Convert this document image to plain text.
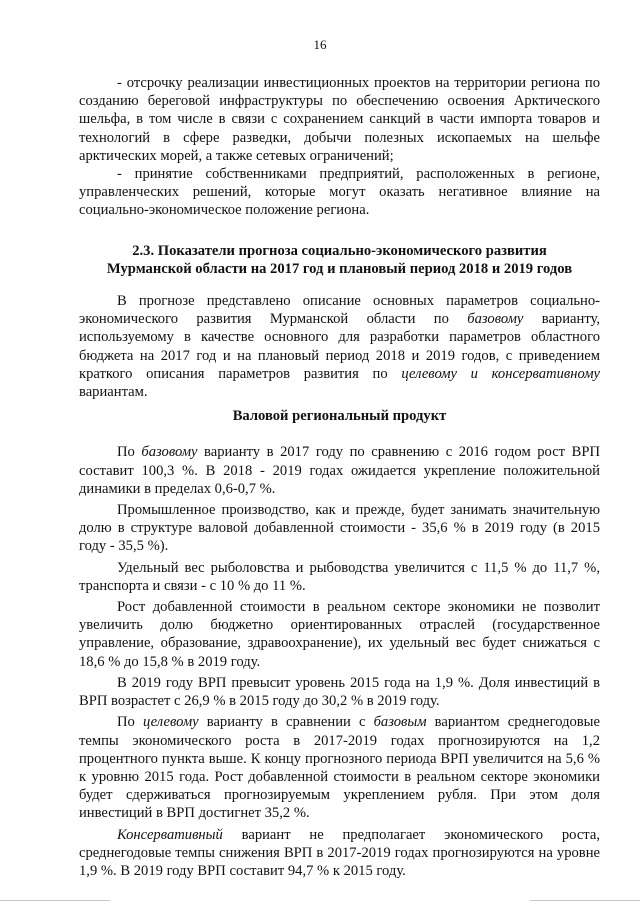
16

- отсрочку реализации инвестиционных проектов на территории региона по созданию береговой инфраструктуры по обеспечению освоения Арктического шельфа, в том числе в связи с сохранением санкций в части импорта товаров и технологий в сфере разведки, добычи полезных ископаемых на шельфе арктических морей, а также сетевых ограничений;

- принятие собственниками предприятий, расположенных в регионе, управленческих решений, которые могут оказать негативное влияние на социально-экономическое положение региона.

2.3. Показатели прогноза социально-экономического развития

Мурманской области на 2017 год и плановый период 2018 и 2019 годов

В прогнозе представлено описание основных параметров социально-экономического развития Мурманской области по базовому варианту, используемому в качестве основного для разработки параметров областного бюджета на 2017 год и на плановый период 2018 и 2019 годов, с приведением краткого описания параметров развития по целевому и консервативному вариантам.

Валовой региональный продукт

По базовому варианту в 2017 году по сравнению с 2016 годом рост ВРП составит 100,3 %. В 2018 - 2019 годах ожидается укрепление положительной динамики в пределах 0,6-0,7 %.

Промышленное производство, как и прежде, будет занимать значительную долю в структуре валовой добавленной стоимости - 35,6 % в 2019 году (в 2015 году - 35,5 %).

Удельный вес рыболовства и рыбоводства увеличится с 11,5 % до 11,7 %, транспорта и связи - с 10 % до 11 %.

Рост добавленной стоимости в реальном секторе экономики не позволит увеличить долю бюджетно ориентированных отраслей (государственное управление, образование, здравоохранение), их удельный вес будет снижаться с 18,6 % до 15,8 % в 2019 году.

В 2019 году ВРП превысит уровень 2015 года на 1,9 %. Доля инвестиций в ВРП возрастет с 26,9 % в 2015 году до 30,2 % в 2019 году.

По целевому варианту в сравнении с базовым вариантом среднегодовые темпы экономического роста в 2017-2019 годах прогнозируются на 1,2 процентного пункта выше. К концу прогнозного периода ВРП увеличится на 5,6 % к уровню 2015 года. Рост добавленной стоимости в реальном секторе экономики будет сдерживаться прогнозируемым укреплением рубля. При этом доля инвестиций в ВРП достигнет 35,2 %.

Консервативный вариант не предполагает экономического роста, среднегодовые темпы снижения ВРП в 2017-2019 годах прогнозируются на уровне 1,9 %. В 2019 году ВРП составит 94,7 % к 2015 году.
